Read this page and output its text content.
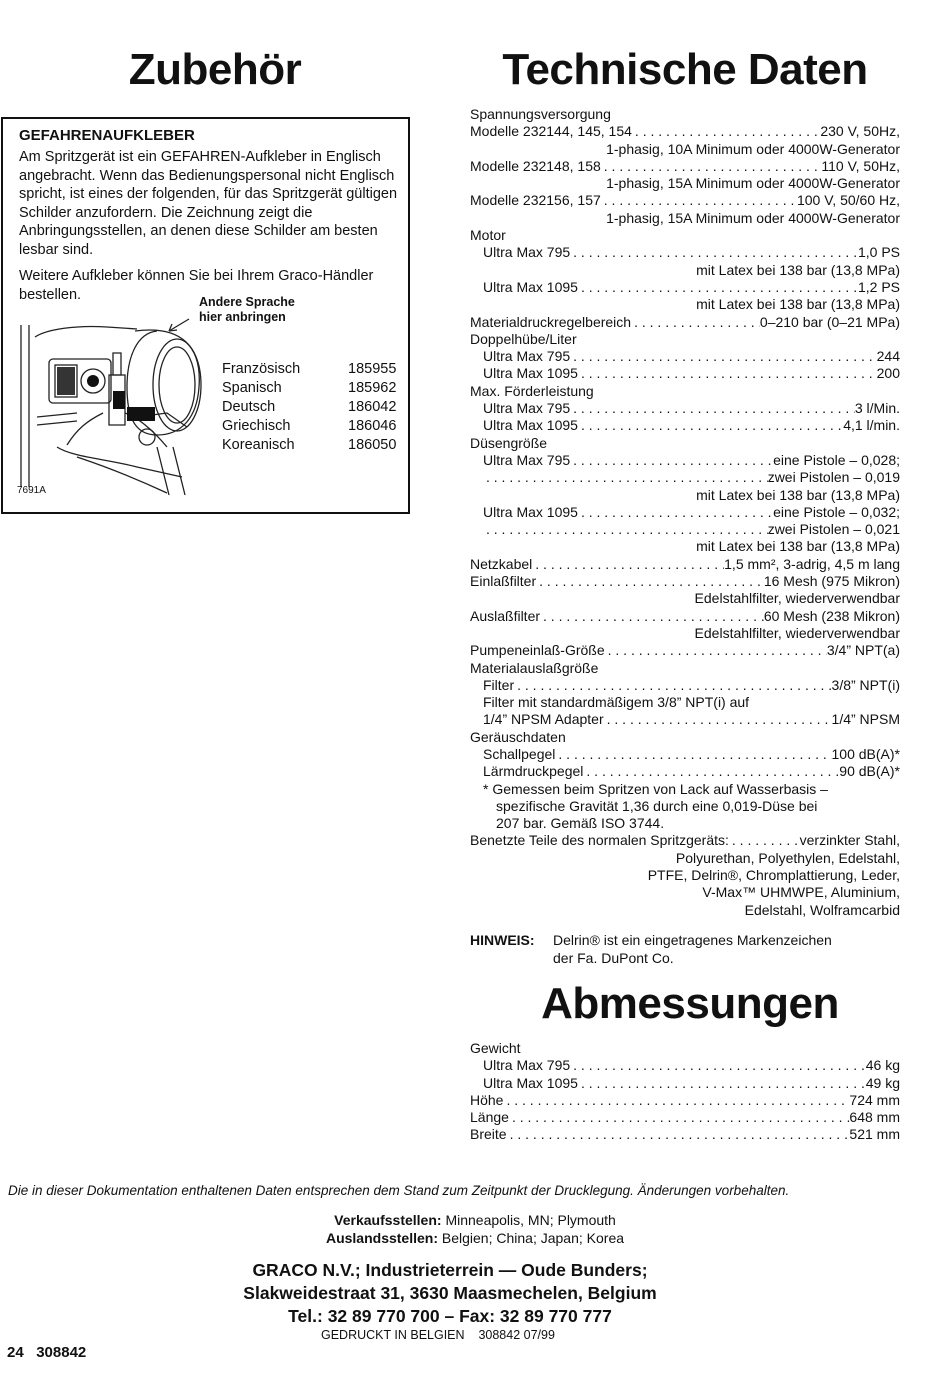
Zubehör	Technische Daten
GEFAHRENAUFKLEBER
Am Spritzgerät ist ein GEFAHREN-Aufkleber in Englisch angebracht. Wenn das Bedienungspersonal nicht Englisch spricht, ist eines der folgenden, für das Spritzgerät gültigen Schilder anzufordern. Die Zeichnung zeigt die Anbringungsstellen, an denen diese Schilder am besten lesbar sind.
Weitere Aufkleber können Sie bei Ihrem Graco-Händler bestellen.	Andere Sprache
hier anbringen
7691A
Französisch	185955
Spanisch	185962
Deutsch	186042
Griechisch	186046
Koreanisch	186050
Spannungsversorgung
Modelle 232144, 145, 154 . . .	230 V, 50Hz,
1-phasig, 10A Minimum oder 4000W-Generator
Modelle 232148, 158 . . .	110 V, 50Hz,
1-phasig, 15A Minimum oder 4000W-Generator
Modelle 232156, 157 . . .	100 V, 50/60 Hz,
1-phasig, 15A Minimum oder 4000W-Generator
Motor
Ultra Max 795 . . .	1,0 PS
mit Latex bei 138 bar (13,8 MPa)
Ultra Max 1095 . . .	1,2 PS
mit Latex bei 138 bar (13,8 MPa)
Materialdruckregelbereich . . .	0–210 bar (0–21 MPa)
Doppelhübe/Liter
Ultra Max 795 . . .	244
Ultra Max 1095 . . .	200
Max. Förderleistung
Ultra Max 795 . . .	3 l/Min.
Ultra Max 1095 . . .	4,1 l/min.
Düsengröße
Ultra Max 795 . . .	eine Pistole – 0,028;
. . .
zwei Pistolen – 0,019
mit Latex bei 138 bar (13,8 MPa)
Ultra Max 1095 . . .	eine Pistole – 0,032;
. . .
zwei Pistolen – 0,021
mit Latex bei 138 bar (13,8 MPa)
Netzkabel . . .	1,5 mm², 3-adrig, 4,5 m lang
Einlaßfilter . . .	16 Mesh (975 Mikron)
Edelstahlfilter, wiederverwendbar
Auslaßfilter . . .	60 Mesh (238 Mikron)
Edelstahlfilter, wiederverwendbar
Pumpeneinlaß-Größe . . .	3/4” NPT(a)
Materialauslaßgröße
Filter . . .	3/8” NPT(i)
Filter mit standardmäßigem 3/8” NPT(i) auf
1/4” NPSM Adapter . . .	1/4” NPSM
Geräuschdaten
Schallpegel . . .	100 dB(A)*
Lärmdruckpegel . . .	90 dB(A)*
* Gemessen beim Spritzen von Lack auf Wasserbasis –
spezifische Gravität 1,36 durch eine 0,019-Düse bei
207 bar. Gemäß ISO 3744.
Benetzte Teile des normalen Spritzgeräts: . . .	verzinkter Stahl,
Polyurethan, Polyethylen, Edelstahl,
PTFE, Delrin®, Chromplattierung, Leder,
V-Max™ UHMWPE, Aluminium,
Edelstahl, Wolframcarbid
HINWEIS: Delrin® ist ein eingetragenes Markenzeichen der Fa. DuPont Co.
Abmessungen
Gewicht
Ultra Max 795 . . .	46 kg
Ultra Max 1095 . . .	49 kg
Höhe . . .	724 mm
Länge . . .	648 mm
Breite . . .	521 mm
Die in dieser Dokumentation enthaltenen Daten entsprechen dem Stand zum Zeitpunkt der Drucklegung. Änderungen vorbehalten.
Verkaufsstellen: Minneapolis, MN; Plymouth
Auslandsstellen: Belgien; China; Japan; Korea
GRACO N.V.; Industrieterrein — Oude Bunders;
Slakweidestraat 31, 3630 Maasmechelen, Belgium
Tel.: 32 89 770 700 – Fax: 32 89 770 777
GEDRUCKT IN BELGIEN    308842 07/99
24 308842
